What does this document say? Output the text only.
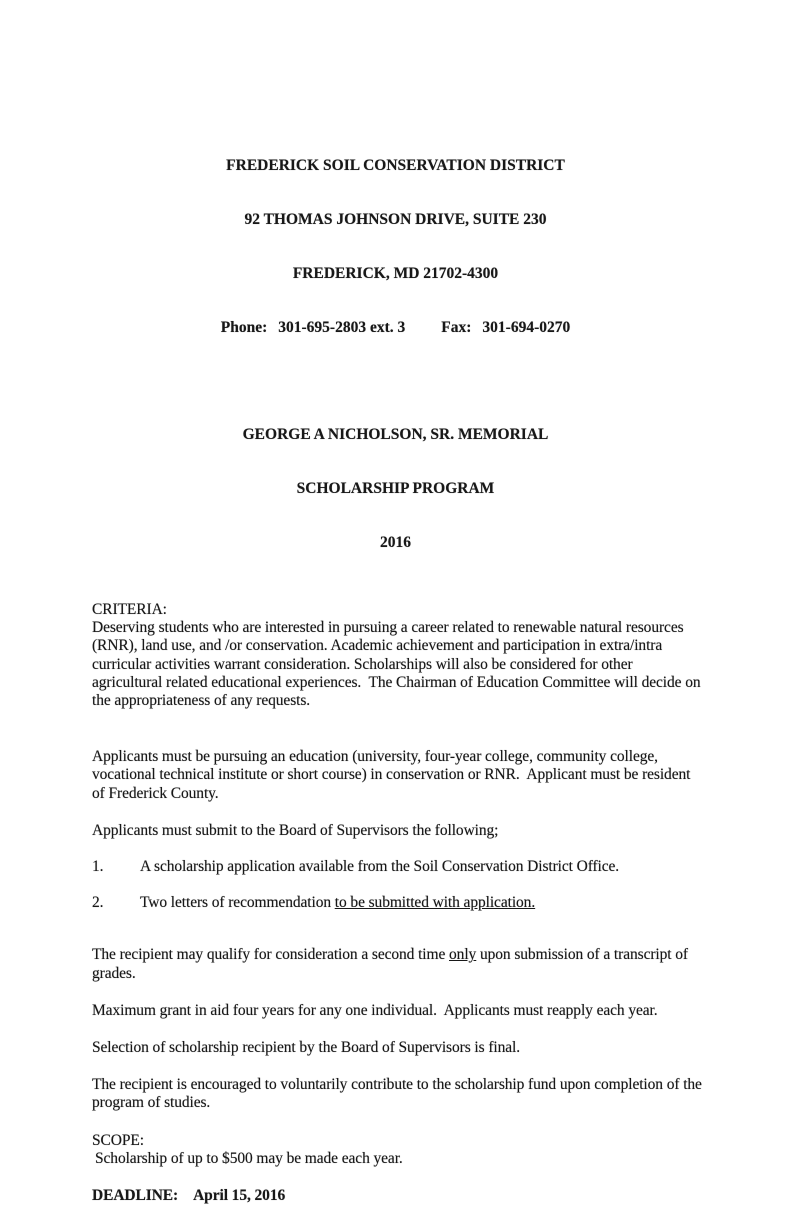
FREDERICK SOIL CONSERVATION DISTRICT

92 THOMAS JOHNSON DRIVE, SUITE 230

FREDERICK, MD 21702-4300

Phone: 301-695-2803 ext. 3 Fax: 301-694-0270

GEORGE A NICHOLSON, SR. MEMORIAL

SCHOLARSHIP PROGRAM

2016

CRITERIA:

Deserving students who are interested in pursuing a career related to renewable natural resources (RNR), land use, and /or conservation. Academic achievement and participation in extra/intra curricular activities warrant consideration. Scholarships will also be considered for other agricultural related educational experiences.  The Chairman of Education Committee will decide on the appropriateness of any requests.

Applicants must be pursuing an education (university, four-year college, community college, vocational technical institute or short course) in conservation or RNR.  Applicant must be resident of Frederick County.

Applicants must submit to the Board of Supervisors the following;

1. A scholarship application available from the Soil Conservation District Office.

2. Two letters of recommendation to be submitted with application.

The recipient may qualify for consideration a second time only upon submission of a transcript of grades.

Maximum grant in aid four years for any one individual.  Applicants must reapply each year.

Selection of scholarship recipient by the Board of Supervisors is final.

The recipient is encouraged to voluntarily contribute to the scholarship fund upon completion of the program of studies.

SCOPE:

Scholarship of up to $500 may be made each year.

DEADLINE: April 15, 2016
